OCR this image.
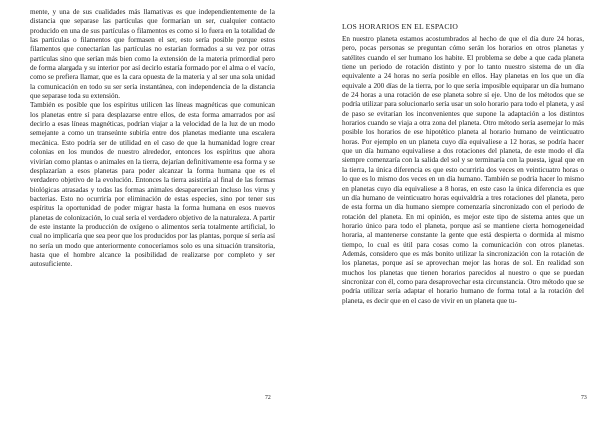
mente, y una de sus cualidades más llamativas es que independientemente de la distancia que separase las partículas que formarían un ser, cualquier contacto producido en una de sus partículas o filamentos es como si lo fuera en la totalidad de las partículas o filamentos que formasen el ser, esto sería posible porque estos filamentos que conectarían las partículas no estarían formados a su vez por otras partículas sino que serían más bien como la extensión de la materia primordial pero de forma alargada y su interior por así decirlo estaría formado por el alma o el vacío, como se prefiera llamar, que es la cara opuesta de la materia y al ser una sola unidad la comunicación en todo su ser sería instantánea, con independencia de la distancia que separase toda su extensión.

También es posible que los espíritus utilicen las líneas magnéticas que comunican los planetas entre sí para desplazarse entre ellos, de esta forma amarrados por así decirlo a esas líneas magnéticas, podrían viajar a la velocidad de la luz de un modo semejante a como un transeúnte subiría entre dos planetas mediante una escalera mecánica. Esto podría ser de utilidad en el caso de que la humanidad logre crear colonias en los mundos de nuestro alrededor, entonces los espíritus que ahora vivirían como plantas o animales en la tierra, dejarían definitivamente esa forma y se desplazarían a esos planetas para poder alcanzar la forma humana que es el verdadero objetivo de la evolución. Entonces la tierra asistiría al final de las formas biológicas atrasadas y todas las formas animales desaparecerían incluso los virus y bacterias. Esto no ocurriría por eliminación de estas especies, sino por tener sus espíritus la oportunidad de poder migrar hasta la forma humana en esos nuevos planetas de colonización, lo cual sería el verdadero objetivo de la naturaleza. A partir de este instante la producción de oxígeno o alimentos sería totalmente artificial, lo cual no implicaría que sea peor que los producidos por las plantas, porque sí sería así no sería un modo que anteriormente conoceríamos solo es una situación transitoria, hasta que el hombre alcance la posibilidad de realizarse por completo y ser autosuficiente.

72
LOS HORARIOS EN EL ESPACIO

En nuestro planeta estamos acostumbrados al hecho de que el día dure 24 horas, pero, pocas personas se preguntan cómo serán los horarios en otros planetas y satélites cuando el ser humano los habite. El problema se debe a que cada planeta tiene un periodo de rotación distinto y por lo tanto nuestro sistema de un día equivalente a 24 horas no sería posible en ellos. Hay planetas en los que un día equivale a 200 días de la tierra, por lo que sería imposible equiparar un día humano de 24 horas a una rotación de ese planeta sobre sí eje. Uno de los métodos que se podría utilizar para solucionarlo sería usar un solo horario para todo el planeta, y así de paso se evitarían los inconvenientes que supone la adaptación a los distintos horarios cuando se viaja a otra zona del planeta. Otro método sería asemejar lo más posible los horarios de ese hipotético planeta al horario humano de veinticuatro horas. Por ejemplo en un planeta cuyo día equivaliese a 12 horas, se podría hacer que un día humano equivaliese a dos rotaciones del planeta, de este modo el día siempre comenzaría con la salida del sol y se terminaría con la puesta, igual que en la tierra, la única diferencia es que esto ocurriría dos veces en veinticuatro horas o lo que es lo mismo dos veces en un día humano. También se podría hacer lo mismo en planetas cuyo día equivaliese a 8 horas, en este caso la única diferencia es que un día humano de veinticuatro horas equivaldría a tres rotaciones del planeta, pero de esta forma un día humano siempre comenzaría sincronizado con el periodo de rotación del planeta. En mi opinión, es mejor este tipo de sistema antes que un horario único para todo el planeta, porque así se mantiene cierta homogeneidad horaria, al mantenerse constante la gente que está despierta o dormida al mismo tiempo, lo cual es útil para cosas como la comunicación con otros planetas. Además, considero que es más bonito utilizar la sincronización con la rotación de los planetas, porque así se aprovechan mejor las horas de sol. En realidad son muchos los planetas que tienen horarios parecidos al nuestro o que se puedan sincronizar con él, como para desaprovechar esta circunstancia. Otro método que se podría utilizar sería adaptar el horario humano de forma total a la rotación del planeta, es decir que en el caso de vivir en un planeta que tu-

73
